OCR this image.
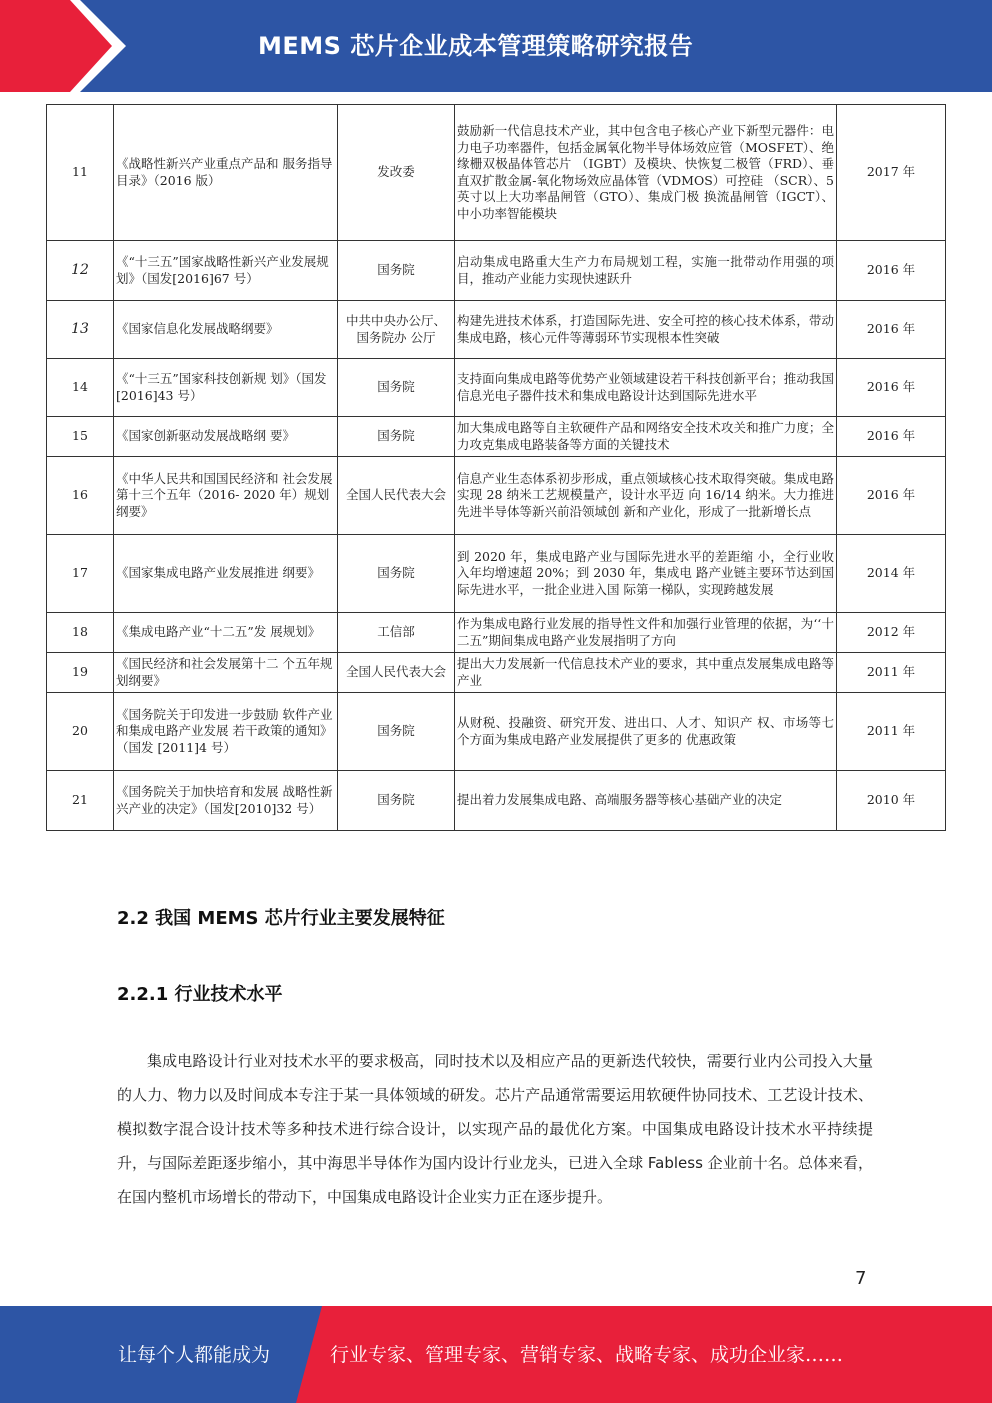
MEMS 芯片企业成本管理策略研究报告
11	《战略性新兴产业重点产品和 服务指导目录》（2016 版）	发改委	鼓励新一代信息技术产业，其中包含电子核心产业下新型元器件：电力电子功率器件，包括金属氧化物半导体场效应管（MOSFET）、绝缘栅双极晶体管芯片 （IGBT）及模块、快恢复二极管（FRD）、垂直双扩散金属-氧化物场效应晶体管（VDMOS）可控硅 （SCR）、5 英寸以上大功率晶闸管（GTO）、集成门极 换流晶闸管（IGCT）、中小功率智能模块	2017 年
12	《“十三五”国家战略性新兴产业发展规划》（国发[2016]67 号）	国务院	启动集成电路重大生产力布局规划工程，实施一批带动作用强的项目，推动产业能力实现快速跃升	2016 年
13	《国家信息化发展战略纲要》	中共中央办公厅、国务院办 公厅	构建先进技术体系，打造国际先进、安全可控的核心技术体系，带动集成电路，核心元件等薄弱环节实现根本性突破	2016 年
14	《“十三五”国家科技创新规 划》（国发[2016]43 号）	国务院	支持面向集成电路等优势产业领域建设若干科技创新平台；推动我国信息光电子器件技术和集成电路设计达到国际先进水平	2016 年
15	《国家创新驱动发展战略纲 要》	国务院	加大集成电路等自主软硬件产品和网络安全技术攻关和推广力度；全力攻克集成电路装备等方面的关键技术	2016 年
16	《中华人民共和国国民经济和 社会发展第十三个五年（2016- 2020 年）规划纲要》	全国人民代表大会	信息产业生态体系初步形成，重点领域核心技术取得突破。集成电路实现 28 纳米工艺规模量产，设计水平迈 向 16/14 纳米。大力推进先进半导体等新兴前沿领域创 新和产业化，形成了一批新增长点	2016 年
17	《国家集成电路产业发展推进 纲要》	国务院	到 2020 年，集成电路产业与国际先进水平的差距缩 小，全行业收入年均增速超 20%；到 2030 年，集成电 路产业链主要环节达到国际先进水平，一批企业进入国 际第一梯队，实现跨越发展	2014 年
18	《集成电路产业“十二五”发 展规划》	工信部	作为集成电路行业发展的指导性文件和加强行业管理的依据，为‘‘十二五”期间集成电路产业发展指明了方向	2012 年
19	《国民经济和社会发展第十二 个五年规划纲要》	全国人民代表大会	提出大力发展新一代信息技术产业的要求，其中重点发展集成电路等产业	2011 年
20	《国务院关于印发进一步鼓励 软件产业和集成电路产业发展 若干政策的通知》（国发 [2011]4 号）	国务院	从财税、投融资、研究开发、进出口、人才、知识产 权、市场等七个方面为集成电路产业发展提供了更多的 优惠政策	2011 年
21	《国务院关于加快培育和发展 战略性新兴产业的决定》（国发[2010]32 号）	国务院	提出着力发展集成电路、高端服务器等核心基础产业的决定	2010 年
2.2 我国 MEMS 芯片行业主要发展特征
2.2.1 行业技术水平

集成电路设计行业对技术水平的要求极高，同时技术以及相应产品的更新迭代较快，需要行业内公司投入大量的人力、物力以及时间成本专注于某一具体领域的研发。芯片产品通常需要运用软硬件协同技术、工艺设计技术、模拟数字混合设计技术等多种技术进行综合设计，以实现产品的最优化方案。中国集成电路设计技术水平持续提升，与国际差距逐步缩小，其中海思半导体作为国内设计行业龙头，已进入全球 Fabless 企业前十名。总体来看，在国内整机市场增长的带动下，中国集成电路设计企业实力正在逐步提升。

7
让每个人都能成为	行业专家、管理专家、营销专家、战略专家、成功企业家……
